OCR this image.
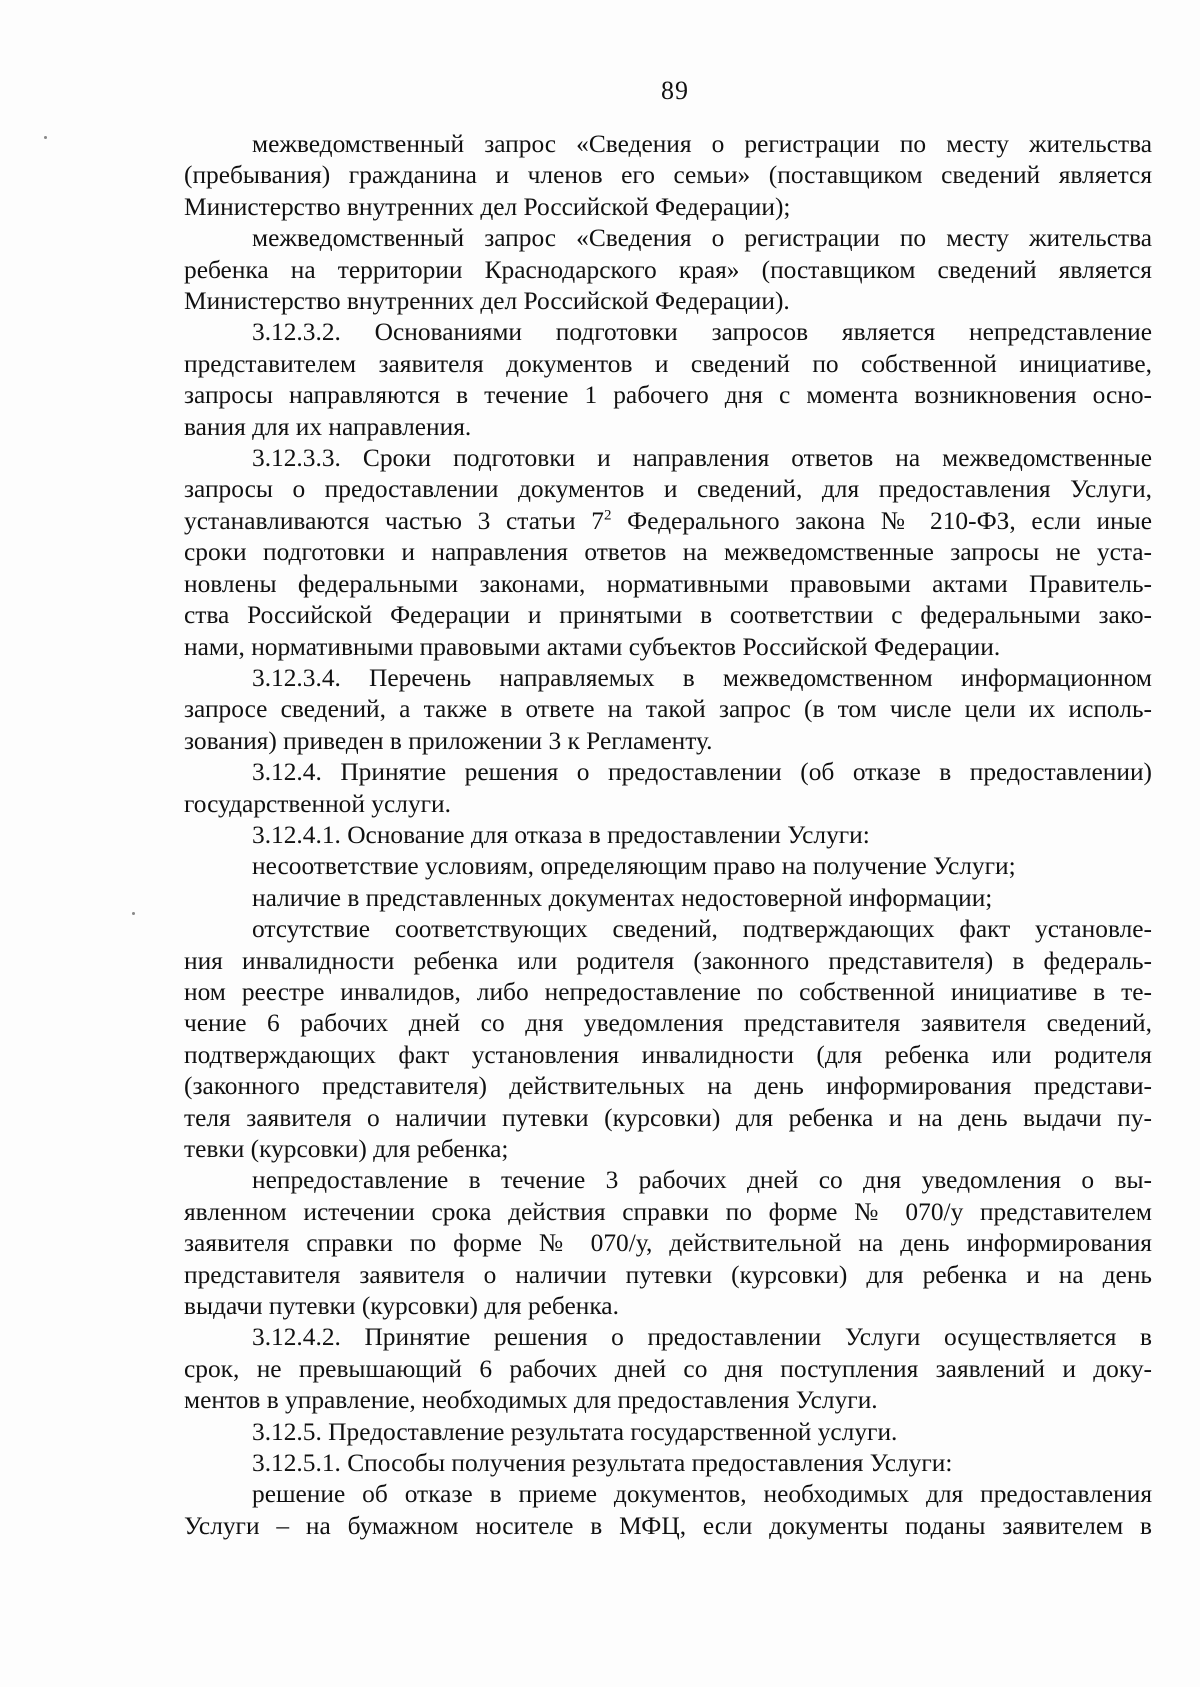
89
межведомственный запрос «Сведения о регистрации по месту жительства
(пребывания) гражданина и членов его семьи» (поставщиком сведений является
Министерство внутренних дел Российской Федерации);
межведомственный запрос «Сведения о регистрации по месту жительства
ребенка на территории Краснодарского края» (поставщиком сведений является
Министерство внутренних дел Российской Федерации).
3.12.3.2. Основаниями подготовки запросов является непредставление
представителем заявителя документов и сведений по собственной инициативе,
запросы направляются в течение 1 рабочего дня с момента возникновения осно-
вания для их направления.
3.12.3.3. Сроки подготовки и направления ответов на межведомственные
запросы о предоставлении документов и сведений, для предоставления Услуги,
устанавливаются частью 3 статьи $7^2$ Федерального закона № 210-ФЗ, если иные
сроки подготовки и направления ответов на межведомственные запросы не уста-
новлены федеральными законами, нормативными правовыми актами Правитель-
ства Российской Федерации и принятыми в соответствии с федеральными зако-
нами, нормативными правовыми актами субъектов Российской Федерации.
3.12.3.4. Перечень направляемых в межведомственном информационном
запросе сведений, а также в ответе на такой запрос (в том числе цели их исполь-
зования) приведен в приложении 3 к Регламенту.
3.12.4. Принятие решения о предоставлении (об отказе в предоставлении)
государственной услуги.
3.12.4.1. Основание для отказа в предоставлении Услуги:
несоответствие условиям, определяющим право на получение Услуги;
наличие в представленных документах недостоверной информации;
отсутствие соответствующих сведений, подтверждающих факт установле-
ния инвалидности ребенка или родителя (законного представителя) в федераль-
ном реестре инвалидов, либо непредоставление по собственной инициативе в те-
чение 6 рабочих дней со дня уведомления представителя заявителя сведений,
подтверждающих факт установления инвалидности (для ребенка или родителя
(законного представителя) действительных на день информирования представи-
теля заявителя о наличии путевки (курсовки) для ребенка и на день выдачи пу-
тевки (курсовки) для ребенка;
непредоставление в течение 3 рабочих дней со дня уведомления о вы-
явленном истечении срока действия справки по форме № 070/у представителем
заявителя справки по форме № 070/у, действительной на день информирования
представителя заявителя о наличии путевки (курсовки) для ребенка и на день
выдачи путевки (курсовки) для ребенка.
3.12.4.2. Принятие решения о предоставлении Услуги осуществляется в
срок, не превышающий 6 рабочих дней со дня поступления заявлений и доку-
ментов в управление, необходимых для предоставления Услуги.
3.12.5. Предоставление результата государственной услуги.
3.12.5.1. Способы получения результата предоставления Услуги:
решение об отказе в приеме документов, необходимых для предоставления
Услуги – на бумажном носителе в МФЦ, если документы поданы заявителем в
